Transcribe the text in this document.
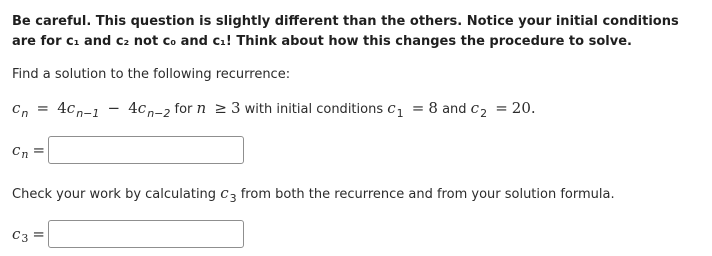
Be careful. This question is slightly different than the others. Notice your initial conditions are for c₁ and c₂ not c₀ and c₁! Think about how this changes the procedure to solve.
Find a solution to the following recurrence:
$c_n = 4c_{n-1} - 4c_{n-2}$ for n ≥ 3 with initial conditions $c_1 = 8$ and $c_2 = 20$.
c n =
Check your work by calculating $c_3$ from both the recurrence and from your solution formula.
c 3 =
